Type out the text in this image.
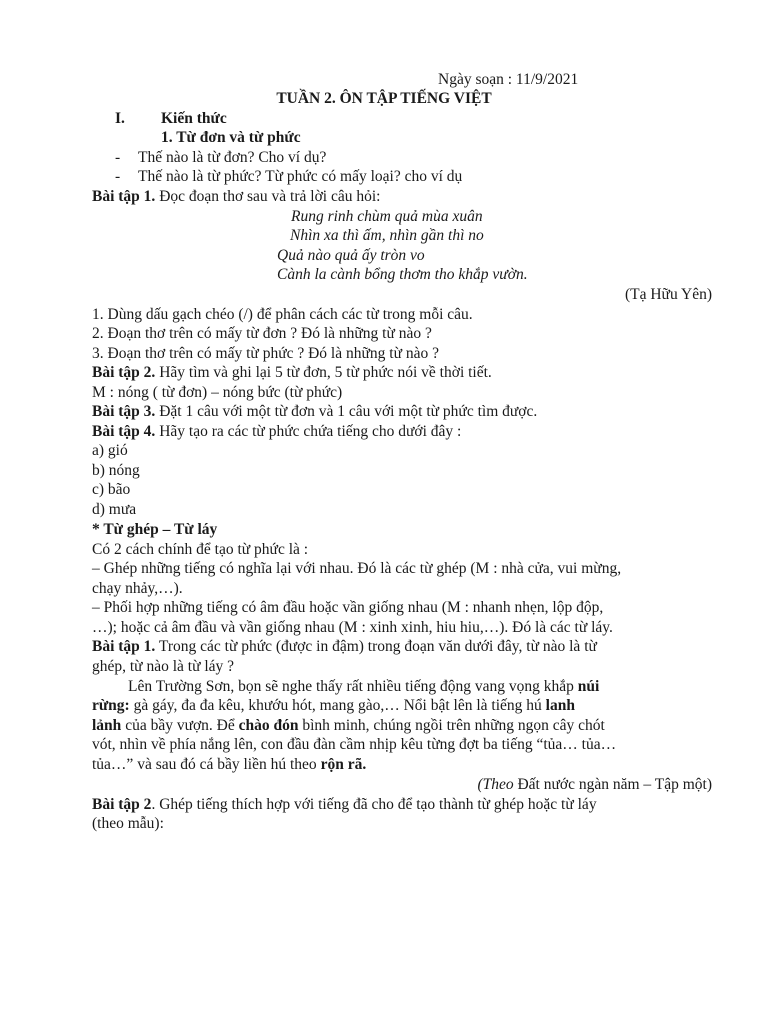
Ngày soạn : 11/9/2021
TUẦN 2. ÔN TẬP TIẾNG VIỆT
I. Kiến thức
1. Từ đơn và từ phức
- Thế nào là từ đơn? Cho ví dụ?
- Thế nào là từ phức? Từ phức có mấy loại? cho ví dụ
Bài tập 1. Đọc đoạn thơ sau và trả lời câu hỏi:
Rung rinh chùm quả mùa xuân
Nhìn xa thì ấm, nhìn gần thì no
Quả nào quả ấy tròn vo
Cành la cành bổng thơm tho khắp vườn.
(Tạ Hữu Yên)
1. Dùng dấu gạch chéo (/) để phân cách các từ trong mỗi câu.
2. Đoạn thơ trên có mấy từ đơn ? Đó là những từ nào ?
3. Đoạn thơ trên có mấy từ phức ? Đó là những từ nào ?
Bài tập 2. Hãy tìm và ghi lại 5 từ đơn, 5 từ phức nói về thời tiết.
M : nóng ( từ đơn) – nóng bức (từ phức)
Bài tập 3. Đặt 1 câu với một từ đơn và 1 câu với một từ phức tìm được.
Bài tập 4. Hãy tạo ra các từ phức chứa tiếng cho dưới đây :
a) gió
b) nóng
c) bão
d) mưa
* Từ ghép – Từ láy
Có 2 cách chính để tạo từ phức là :
– Ghép những tiếng có nghĩa lại với nhau. Đó là các từ ghép (M : nhà cửa, vui mừng,
chạy nhảy,…).
– Phối hợp những tiếng có âm đầu hoặc vần giống nhau (M : nhanh nhẹn, lộp độp,
…); hoặc cả âm đầu và vần giống nhau (M : xinh xinh, hiu hiu,…). Đó là các từ láy.
Bài tập 1. Trong các từ phức (được in đậm) trong đoạn văn dưới đây, từ nào là từ
ghép, từ nào là từ láy ?
Lên Trường Sơn, bọn sẽ nghe thấy rất nhiều tiếng động vang vọng khắp núi
rừng: gà gáy, đa đa kêu, khướu hót, mang gào,… Nổi bật lên là tiếng hú lanh
lảnh của bầy vượn. Để chào đón bình minh, chúng ngồi trên những ngọn cây chót
vót, nhìn về phía nắng lên, con đầu đàn cầm nhịp kêu từng đợt ba tiếng “tủa… tủa…
tủa…” và sau đó cá bầy liền hú theo rộn rã.
(Theo Đất nước ngàn năm – Tập một)
Bài tập 2. Ghép tiếng thích hợp với tiếng đã cho để tạo thành từ ghép hoặc từ láy
(theo mẫu):
